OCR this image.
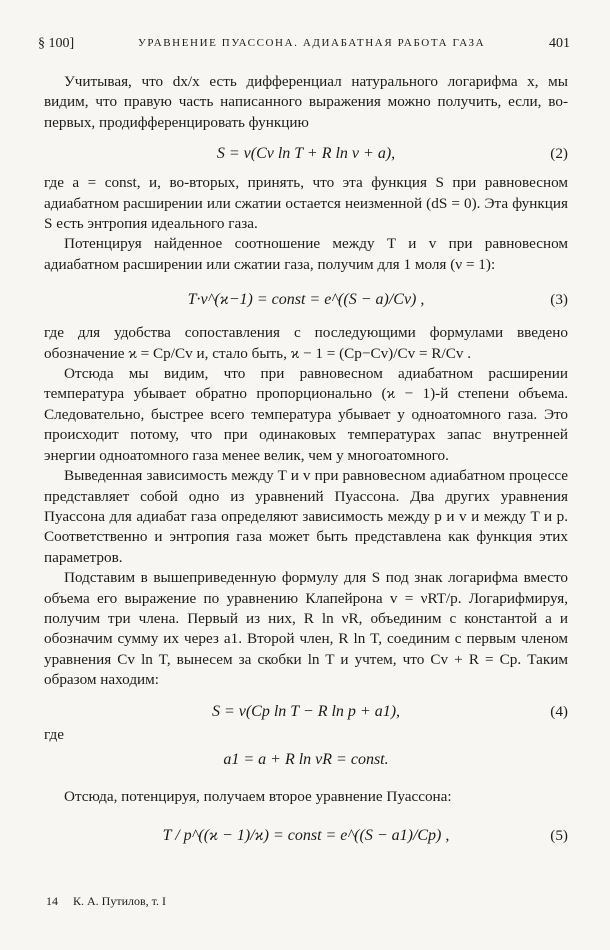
§ 100]	УРАВНЕНИЕ ПУАССОНА. АДИАБАТНАЯ РАБОТА ГАЗА	401

Учитывая, что dx/x есть дифференциал натурального логарифма x, мы видим, что правую часть написанного выражения можно получить, если, во-первых, продифференцировать функцию

S = ν(Cv ln T + R ln v + a),	(2)

где a = const, и, во-вторых, принять, что эта функция S при равновесном адиабатном расширении или сжатии остается неизменной (dS = 0). Эта функция S есть энтропия идеального газа.

Потенцируя найденное соотношение между T и v при равновесном адиабатном расширении или сжатии газа, получим для 1 моля (ν = 1):

T·v^(ϰ−1) = const = e^((S − a)/Cv) ,	(3)

где для удобства сопоставления с последующими формулами введено обозначение ϰ = Cp/Cv и, стало быть, ϰ − 1 = (Cp−Cv)/Cv = R/Cv .

Отсюда мы видим, что при равновесном адиабатном расширении температура убывает обратно пропорционально (ϰ − 1)-й степени объема. Следовательно, быстрее всего температура убывает у одноатомного газа. Это происходит потому, что при одинаковых температурах запас внутренней энергии одноатомного газа менее велик, чем у многоатомного.

Выведенная зависимость между T и v при равновесном адиабатном процессе представляет собой одно из уравнений Пуассона. Два других уравнения Пуассона для адиабат газа определяют зависимость между p и v и между T и p. Соответственно и энтропия газа может быть представлена как функция этих параметров.

Подставим в вышеприведенную формулу для S под знак логарифма вместо объема его выражение по уравнению Клапейрона v = νRT/p. Логарифмируя, получим три члена. Первый из них, R ln νR, объединим с константой a и обозначим сумму их через a1. Второй член, R ln T, соединим с первым членом уравнения Cv ln T, вынесем за скобки ln T и учтем, что Cv + R = Cp. Таким образом находим:

S = ν(Cp ln T − R ln p + a1),	(4)

где

a1 = a + R ln νR = const.

Отсюда, потенцируя, получаем второе уравнение Пуассона:

T / p^((ϰ − 1)/ϰ) = const = e^((S − a1)/Cp) ,	(5)
14 К. А. Путилов, т. I
